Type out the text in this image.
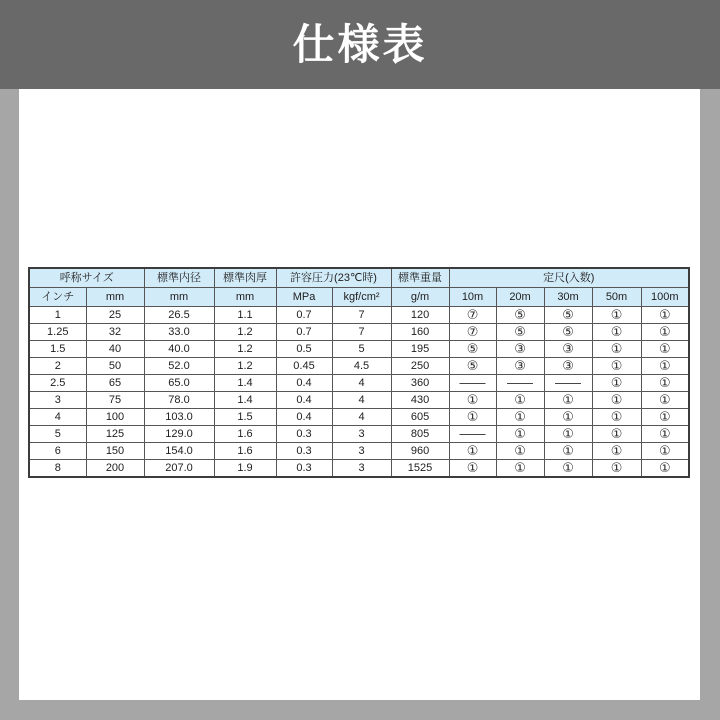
仕様表
呼称サイズ		標準内径	標準肉厚	許容圧力(23℃時)		標準重量	定尺(入数)				
インチ	mm	mm	mm	MPa	kgf/cm²	g/m	10m	20m	30m	50m	100m
1	25	26.5	1.1	0.7	7	120	⑦	⑤	⑤	①	①
1.25	32	33.0	1.2	0.7	7	160	⑦	⑤	⑤	①	①
1.5	40	40.0	1.2	0.5	5	195	⑤	③	③	①	①
2	50	52.0	1.2	0.45	4.5	250	⑤	③	③	①	①
2.5	65	65.0	1.4	0.4	4	360	――	――	――	①	①
3	75	78.0	1.4	0.4	4	430	①	①	①	①	①
4	100	103.0	1.5	0.4	4	605	①	①	①	①	①
5	125	129.0	1.6	0.3	3	805	――	①	①	①	①
6	150	154.0	1.6	0.3	3	960	①	①	①	①	①
8	200	207.0	1.9	0.3	3	1525	①	①	①	①	①
